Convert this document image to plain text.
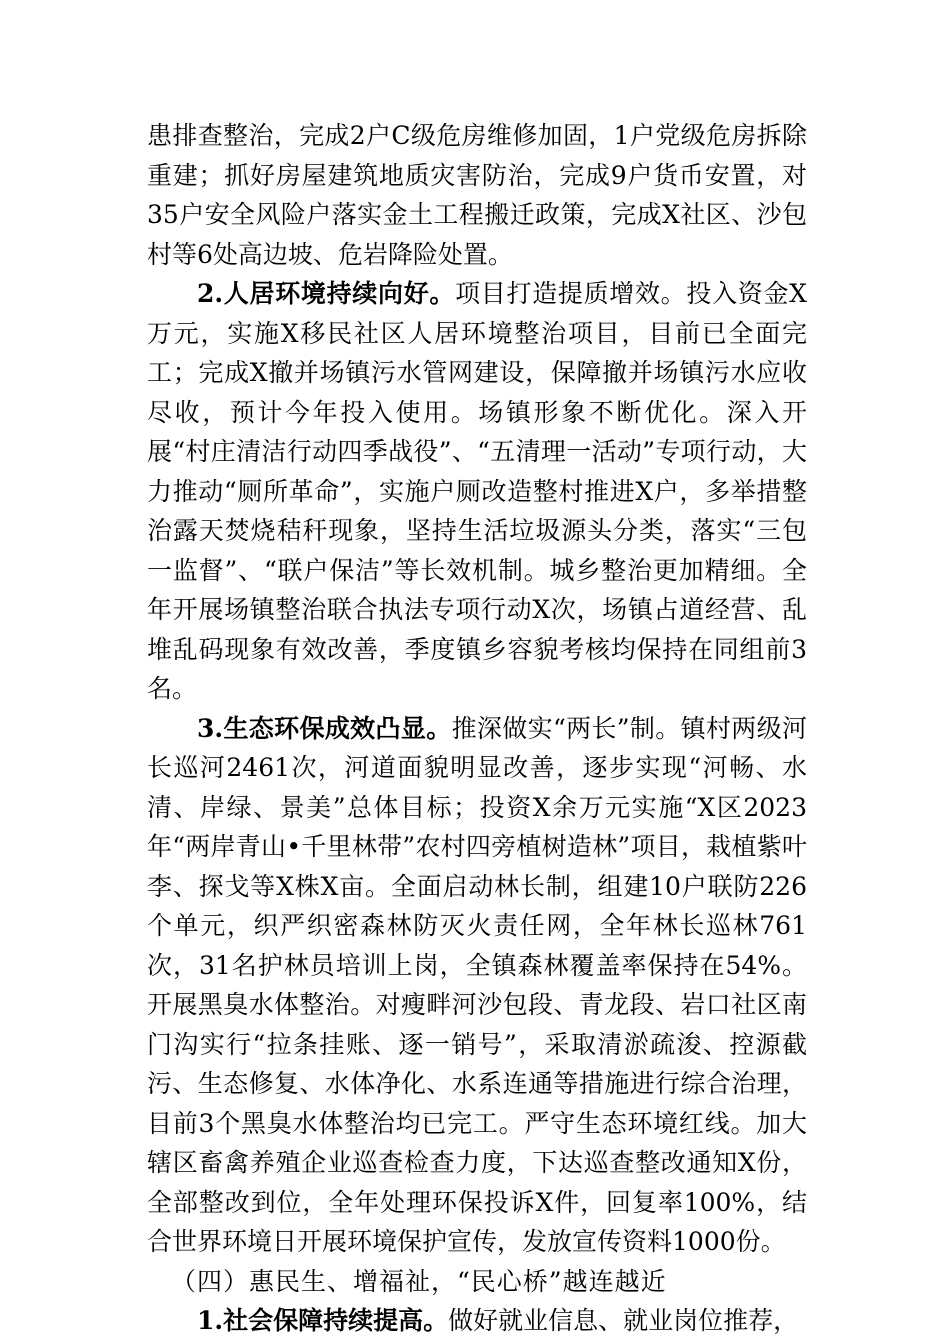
患排查整治，完成2户C级危房维修加固，1户党级危房拆除重建；抓好房屋建筑地质灾害防治，完成9户货币安置，对35户安全风险户落实金土工程搬迁政策，完成X社区、沙包村等6处高边坡、危岩降险处置。

2.人居环境持续向好。项目打造提质增效。投入资金X万元，实施X移民社区人居环境整治项目，目前已全面完工；完成X撤并场镇污水管网建设，保障撤并场镇污水应收尽收，预计今年投入使用。场镇形象不断优化。深入开展“村庄清洁行动四季战役”、“五清理一活动”专项行动，大力推动“厕所革命”，实施户厕改造整村推进X户，多举措整治露天焚烧秸秆现象，坚持生活垃圾源头分类，落实“三包一监督”、“联户保洁”等长效机制。城乡整治更加精细。全年开展场镇整治联合执法专项行动X次，场镇占道经营、乱堆乱码现象有效改善，季度镇乡容貌考核均保持在同组前3名。

3.生态环保成效凸显。推深做实“两长”制。镇村两级河长巡河2461次，河道面貌明显改善，逐步实现“河畅、水清、岸绿、景美”总体目标；投资X余万元实施“X区2023年“两岸青山•千里林带”农村四旁植树造林”项目，栽植紫叶李、探戈等X株X亩。全面启动林长制，组建10户联防226个单元，织严织密森林防灭火责任网，全年林长巡林761次，31名护林员培训上岗，全镇森林覆盖率保持在54%。开展黑臭水体整治。对瘦畔河沙包段、青龙段、岩口社区南门沟实行“拉条挂账、逐一销号”，采取清淤疏浚、控源截污、生态修复、水体净化、水系连通等措施进行综合治理，目前3个黑臭水体整治均已完工。严守生态环境红线。加大辖区畜禽养殖企业巡查检查力度，下达巡查整改通知X份，全部整改到位，全年处理环保投诉X件，回复率100%，结合世界环境日开展环境保护宣传，发放宣传资料1000份。

（四）惠民生、增福祉，“民心桥”越连越近

1.社会保障持续提高。做好就业信息、就业岗位推荐，
